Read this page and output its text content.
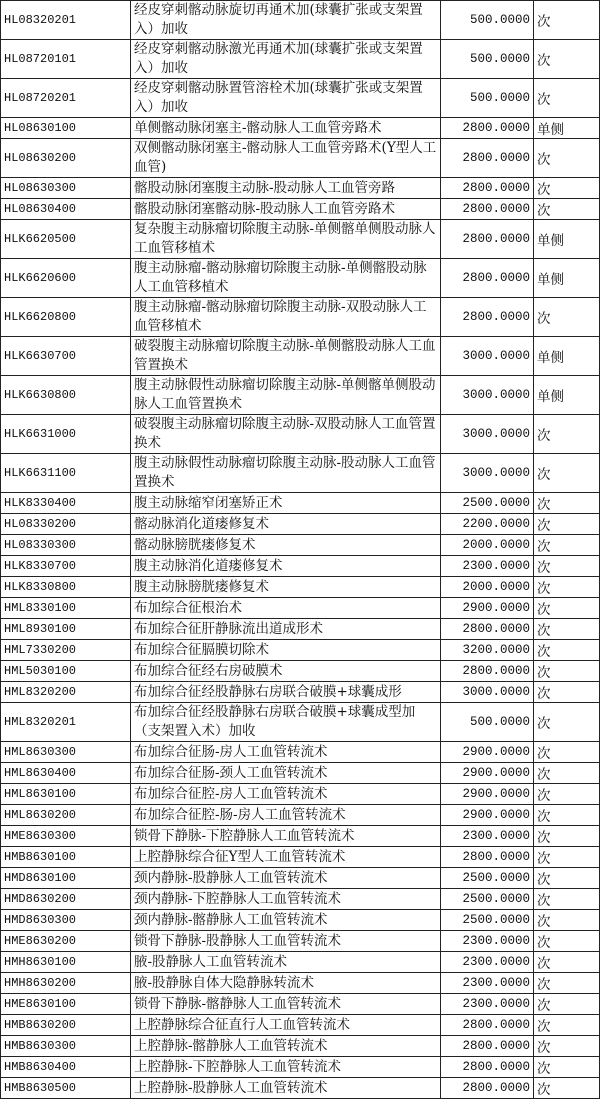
HL08320201	经皮穿刺髂动脉旋切再通术加(球囊扩张或支架置入）加收	500.0000	次
HL08720101	经皮穿刺髂动脉激光再通术加(球囊扩张或支架置入）加收	500.0000	次
HL08720201	经皮穿刺髂动脉置管溶栓术加(球囊扩张或支架置入）加收	500.0000	次
HL08630100	单侧髂动脉闭塞主-髂动脉人工血管旁路术	2800.0000	单侧
HL08630200	双侧髂动脉闭塞主-髂动脉人工血管旁路术(Y型人工血管)	2800.0000	次
HL08630300	髂股动脉闭塞腹主动脉-股动脉人工血管旁路	2800.0000	次
HL08630400	髂股动脉闭塞髂动脉-股动脉人工血管旁路术	2800.0000	次
HLK6620500	复杂腹主动脉瘤切除腹主动脉-单侧髂单侧股动脉人工血管移植术	2800.0000	单侧
HLK6620600	腹主动脉瘤-髂动脉瘤切除腹主动脉-单侧髂股动脉人工血管移植术	2800.0000	单侧
HLK6620800	腹主动脉瘤-髂动脉瘤切除腹主动脉-双股动脉人工血管移植术	2800.0000	次
HLK6630700	破裂腹主动脉瘤切除腹主动脉-单侧髂股动脉人工血管置换术	3000.0000	单侧
HLK6630800	腹主动脉假性动脉瘤切除腹主动脉-单侧髂单侧股动脉人工血管置换术	3000.0000	单侧
HLK6631000	破裂腹主动脉瘤切除腹主动脉-双股动脉人工血管置换术	3000.0000	次
HLK6631100	腹主动脉假性动脉瘤切除腹主动脉-股动脉人工血管置换术	3000.0000	次
HLK8330400	腹主动脉缩窄闭塞矫正术	2500.0000	次
HL08330200	髂动脉消化道瘘修复术	2200.0000	次
HL08330300	髂动脉膀胱瘘修复术	2000.0000	次
HLK8330700	腹主动脉消化道瘘修复术	2300.0000	次
HLK8330800	腹主动脉膀胱瘘修复术	2000.0000	次
HML8330100	布加综合征根治术	2900.0000	次
HML8930100	布加综合征肝静脉流出道成形术	2800.0000	次
HML7330200	布加综合征膈膜切除术	3200.0000	次
HML5030100	布加综合征经右房破膜术	2800.0000	次
HML8320200	布加综合征经股静脉右房联合破膜+球囊成形	3000.0000	次
HML8320201	布加综合征经股静脉右房联合破膜+球囊成型加（支架置入术）加收	500.0000	次
HML8630300	布加综合征肠-房人工血管转流术	2900.0000	次
HML8630400	布加综合征肠-颈人工血管转流术	2900.0000	次
HML8630100	布加综合征腔-房人工血管转流术	2900.0000	次
HML8630200	布加综合征腔-肠-房人工血管转流术	2900.0000	次
HME8630300	锁骨下静脉-下腔静脉人工血管转流术	2300.0000	次
HMB8630100	上腔静脉综合征Y型人工血管转流术	2800.0000	次
HMD8630100	颈内静脉-股静脉人工血管转流术	2500.0000	次
HMD8630200	颈内静脉-下腔静脉人工血管转流术	2500.0000	次
HMD8630300	颈内静脉-髂静脉人工血管转流术	2500.0000	次
HME8630200	锁骨下静脉-股静脉人工血管转流术	2300.0000	次
HMH8630100	腋-股静脉人工血管转流术	2300.0000	次
HMH8630200	腋-股静脉自体大隐静脉转流术	2300.0000	次
HME8630100	锁骨下静脉-髂静脉人工血管转流术	2300.0000	次
HMB8630200	上腔静脉综合征直行人工血管转流术	2800.0000	次
HMB8630300	上腔静脉-髂静脉人工血管转流术	2800.0000	次
HMB8630400	上腔静脉-下腔静脉人工血管转流术	2800.0000	次
HMB8630500	上腔静脉-股静脉人工血管转流术	2800.0000	次
